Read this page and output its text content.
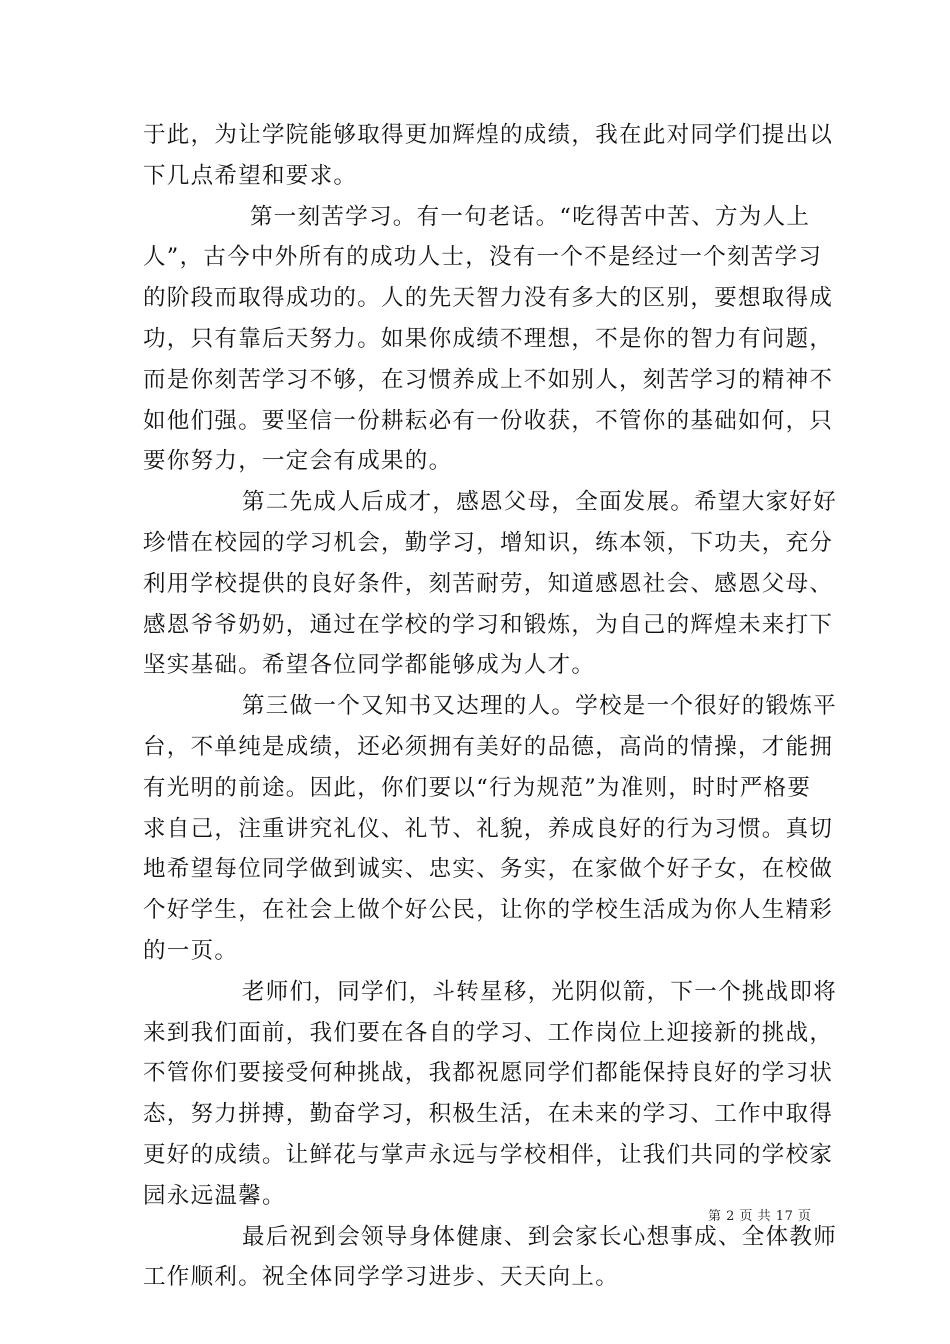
于此，为让学院能够取得更加辉煌的成绩，我在此对同学们提出以
下几点希望和要求。
第一刻苦学习。有一句老话。“吃得苦中苦、方为人上
人”，古今中外所有的成功人士，没有一个不是经过一个刻苦学习
的阶段而取得成功的。人的先天智力没有多大的区别，要想取得成
功，只有靠后天努力。如果你成绩不理想，不是你的智力有问题，
而是你刻苦学习不够，在习惯养成上不如别人，刻苦学习的精神不
如他们强。要坚信一份耕耘必有一份收获，不管你的基础如何，只
要你努力，一定会有成果的。
第二先成人后成才，感恩父母，全面发展。希望大家好好
珍惜在校园的学习机会，勤学习，增知识，练本领，下功夫，充分
利用学校提供的良好条件，刻苦耐劳，知道感恩社会、感恩父母、
感恩爷爷奶奶，通过在学校的学习和锻炼，为自己的辉煌未来打下
坚实基础。希望各位同学都能够成为人才。
第三做一个又知书又达理的人。学校是一个很好的锻炼平
台，不单纯是成绩，还必须拥有美好的品德，高尚的情操，才能拥
有光明的前途。因此，你们要以“行为规范”为准则，时时严格要
求自己，注重讲究礼仪、礼节、礼貌，养成良好的行为习惯。真切
地希望每位同学做到诚实、忠实、务实，在家做个好子女，在校做
个好学生，在社会上做个好公民，让你的学校生活成为你人生精彩
的一页。
老师们，同学们，斗转星移，光阴似箭，下一个挑战即将
来到我们面前，我们要在各自的学习、工作岗位上迎接新的挑战，
不管你们要接受何种挑战，我都祝愿同学们都能保持良好的学习状
态，努力拼搏，勤奋学习，积极生活，在未来的学习、工作中取得
更好的成绩。让鲜花与掌声永远与学校相伴，让我们共同的学校家
园永远温馨。
最后祝到会领导身体健康、到会家长心想事成、全体教师
工作顺利。祝全体同学学习进步、天天向上。
第 2 页 共 17 页
